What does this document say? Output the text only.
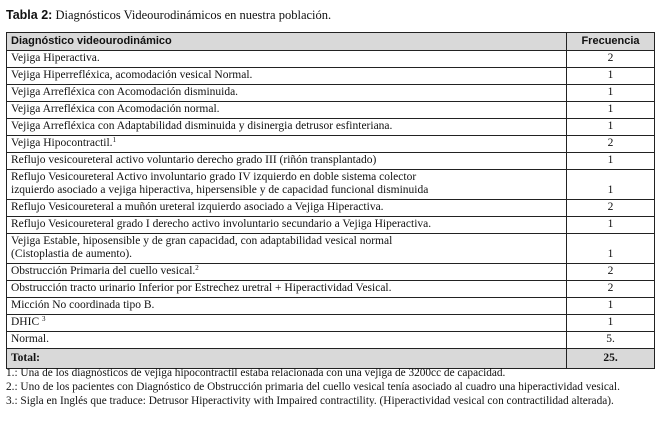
Tabla 2: Diagnósticos Videourodinámicos en nuestra población.
Diagnóstico videourodinámico	Frecuencia
Vejiga Hiperactiva.	2
Vejiga Hiperrefléxica, acomodación vesical Normal.	1
Vejiga Arrefléxica con Acomodación disminuida.	1
Vejiga Arrefléxica con Acomodación normal.	1
Vejiga Arrefléxica con Adaptabilidad disminuida y disinergia detrusor esfinteriana.	1
Vejiga Hipocontractil.$^1$	2
Reflujo vesicoureteral activo voluntario derecho grado III (riñón transplantado)	1
Reflujo Vesicoureteral Activo involuntario grado IV izquierdo en doble sistema colector
izquierdo asociado a vejiga hiperactiva, hipersensible y de capacidad funcional disminuida	1
Reflujo Vesicoureteral a muñón ureteral izquierdo asociado a Vejiga Hiperactiva.	2
Reflujo Vesicoureteral grado I derecho activo involuntario secundario a Vejiga Hiperactiva.	1
Vejiga Estable, hiposensible y de gran capacidad, con adaptabilidad vesical normal
(Cistoplastia de aumento).	1
Obstrucción Primaria del cuello vesical.$^2$	2
Obstrucción tracto urinario Inferior por Estrechez uretral + Hiperactividad Vesical.	2
Micción No coordinada tipo B.	1
DHIC $^3$	1
Normal.	5.
Total:	25.

1.: Una de los diagnósticos de vejiga hipocontractil estaba relacionada con una vejiga de 3200cc de capacidad.

2.: Uno de los pacientes con Diagnóstico de Obstrucción primaria del cuello vesical tenía asociado al cuadro una hiperactividad vesical.

3.: Sigla en Inglés que traduce: Detrusor Hiperactivity with Impaired contractility. (Hiperactividad vesical con contractilidad alterada).
